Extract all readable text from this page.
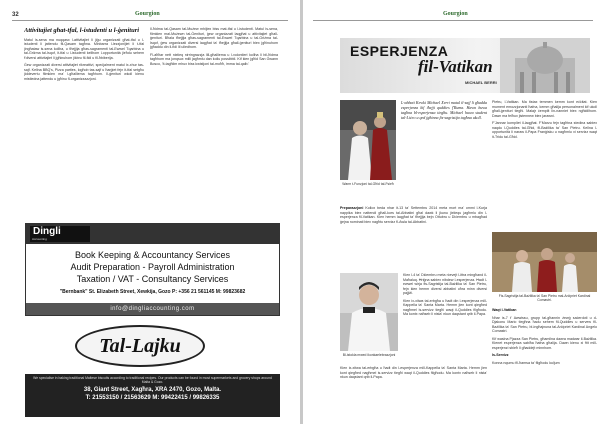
32	Gourgion
Attivitajiet għat-tfal, l-istudenti u l-ġenituri

Matul is-sena ma nuqqasx l-attivitajiet li jiġu organizzati għat-tfal u l-istudenti li jattendu fil-Qasam tagħna. Minbarra l-lezzjonijiet li t-tfal jingħataw is-sena kollha, u tħejjija għas-sagramenti tal-Ewwel Tqarbina u tal-Griżma tal-Isqof, it-tfal u l-istudenti kellhom l-opportunità jieħdu sehem f'diversi attivitajiet li jgħinuhom jikbru fil-fidi u fil-ħbiberija.

Ġew organizzati diversi attivitajiet rikreattivi, speċjalment matul ix-xhur tas-sajf. Kellna BBQ's, Pizza parties, logħob tas-sajf u ħarġiet fejn it-tfal setgħu jiddevertu flimkien ma' l-għalliema tagħhom. Il-ġenituri wkoll kienu mistiedna jattendu u jgħinu fl-organizzazzjoni.

Il-ħidma tal-Qasam tal-Mużew mhijiex biss mat-tfal u l-istudenti. Matul is-sena, flimkien mal-Mużewn tal-Ġenituri, ġew organizzati laqgħat u attivitajiet għall-ġenituri. Bħala tħejjija għas-sagramenti tal-Ewwel Tqarbina u tal-Griżma tal-Isqof, ġew organizzati diversi laqgħat ta' tħejjija għall-ġenituri biex jgħinuhom jgħaddu din il-fidi lil uliedhom.

Fl-aħħar nett nixtieq nirringrazzja lill-għalliema u l-volontieri kollha li bil-ħidma tagħhom ma jonqsux milli jagħmlu dan kollu possibbli. Kif kien jgħid San Ġwann Bosco, 'it-tagħlim mhux biss kwistjoni tal-moħħ, imma tal-qalb.'

Dingli
Accounting
Book Keeping & Accountancy Services
Audit Preparation - Payroll Administration
Taxation / VAT - Consultancy Services
"Bernbank" St. Elizabeth Street, Xewkija, Gozo P: +356 21 561145 M: 99823682
info@dingliaccounting.com
Tal-Lajku
We specialise in baking traditional Maltese biscuits according to traditional recipes. Our products can be found in most supermarkets and grocery shops around Malta & Gozo.
38, Giant Street, Xagħra, XRA 2470, Gozo, Malta.
T: 21553150 / 21563629 M: 99422415 / 99826335
Gourgion
ESPERJENZA
fil-Vatikan
MICHAEL BERRI
Warm t-Funzjoni tal-Għid tal-Fsieħ
L-abbati Kewki Michael Xerri matul il-sajf li għadda esperjenza kif iħejji quddies f'Ruma. Hawn huwa tagħna bl-esperjenza tiegħu. Michael huwa student tal-Liċeo u qed jgħinna fis-sagristija tagħna ukoll.

Preparazzjoni Kollox beda nhar it-13 ta' Settembru 2014 meta mort ma' ommi l-Kurja nappika biex nattendi għall-kors tal-Abbatini għal dawk li jkunu jixtiequ jagħmlu din l-esperjenza fil-Vatikan. Kien hemm laqgħat ta' tħejjija bejn Ottubru u Diċembru u mbagħad ġejna nominati biex nagħtu servizz fl-Awla tal-Abbatini.

Bl-istokla mwed ikonkaelebrazzjoni

Kien l-4 ta' Diċembru meta rċevejt l-ittra mingħand il-Maħaluq. Ħriġna sabiex nibdew l-esperjenza. Ħadt l-ewwel wirja fis-Sagristija tal-Bażilika ta' San Pietru, fejn kien hemm diversi abbatini oħra minn diversi pajjiżi.

Kien ix-xitwa tal-erbgħa u ħadt din l-esperjenza mill-Kappella ta' Santa Marta. Hemm jien kont qiegħed nagħmel is-servizz tiegħi waqt il-Quddies filgħodu. Ma kontx naħseb li nista' nkun daqstant qrib il-Papa.

Kien ix-xitwa tal-erbgħa u ħadt din l-esperjenza mill-Kappella ta' Santa Marta. Hemm jien kont qiegħed nagħmel is-servizz tiegħi waqt il-Quddies filgħodu. Ma kontx naħseb li nista' nkun daqstant qrib il-Papa.

Pietru, l-Vatikan. Ma tistax temmen kemm kont eċċitat. Kien mument emozzjonanti ħafna, kemm għalija personalment kif ukoll għall-ġenituri tiegħi. Malajr ċempilt lin-nanniet biex ngħidilhom. Dawn ma felħux jistennew biex jarawni.

F'Jannar kompliet il-laqgħat. F'Marzu fejn tagħtna stedina sabiex naqdu l-Quddies tal-Għid, fil-Bażilika ta' San Pietru. Kellna l-opportunità li naraw il-Papa Franġisku u nagħmlu xi servizz waqt it-Tridu tal-Għid.

Fis-Sagristija tal-Bażilika ta' San Pietru mal-Arċipriet Kardinal Comastri.

Waqt l-Vatikan

Nhar is-7 t' Awwissu, grupp tal-għannin żewġ saċerdoti u d-Djakonu Mario tiegħna ħadu sehem fil-Quddies u servew fil-Bażilika ta' San Pietru, bl-ingħajnuna tal-Arċipriet Kardinal Angelo Comastri.

Kif waslna Pjazza San Pietru, għamilna dawra madwar il-Bażilika. Kienet esperjenza sabiħa ħafna għalija. Dawn kienu xi ftit mill-esperjenzi sbieħ li għaddejt minnhom.

Is-Servizz

Konna nqumu fil-ħamsa ta' filgħodu kuljum
